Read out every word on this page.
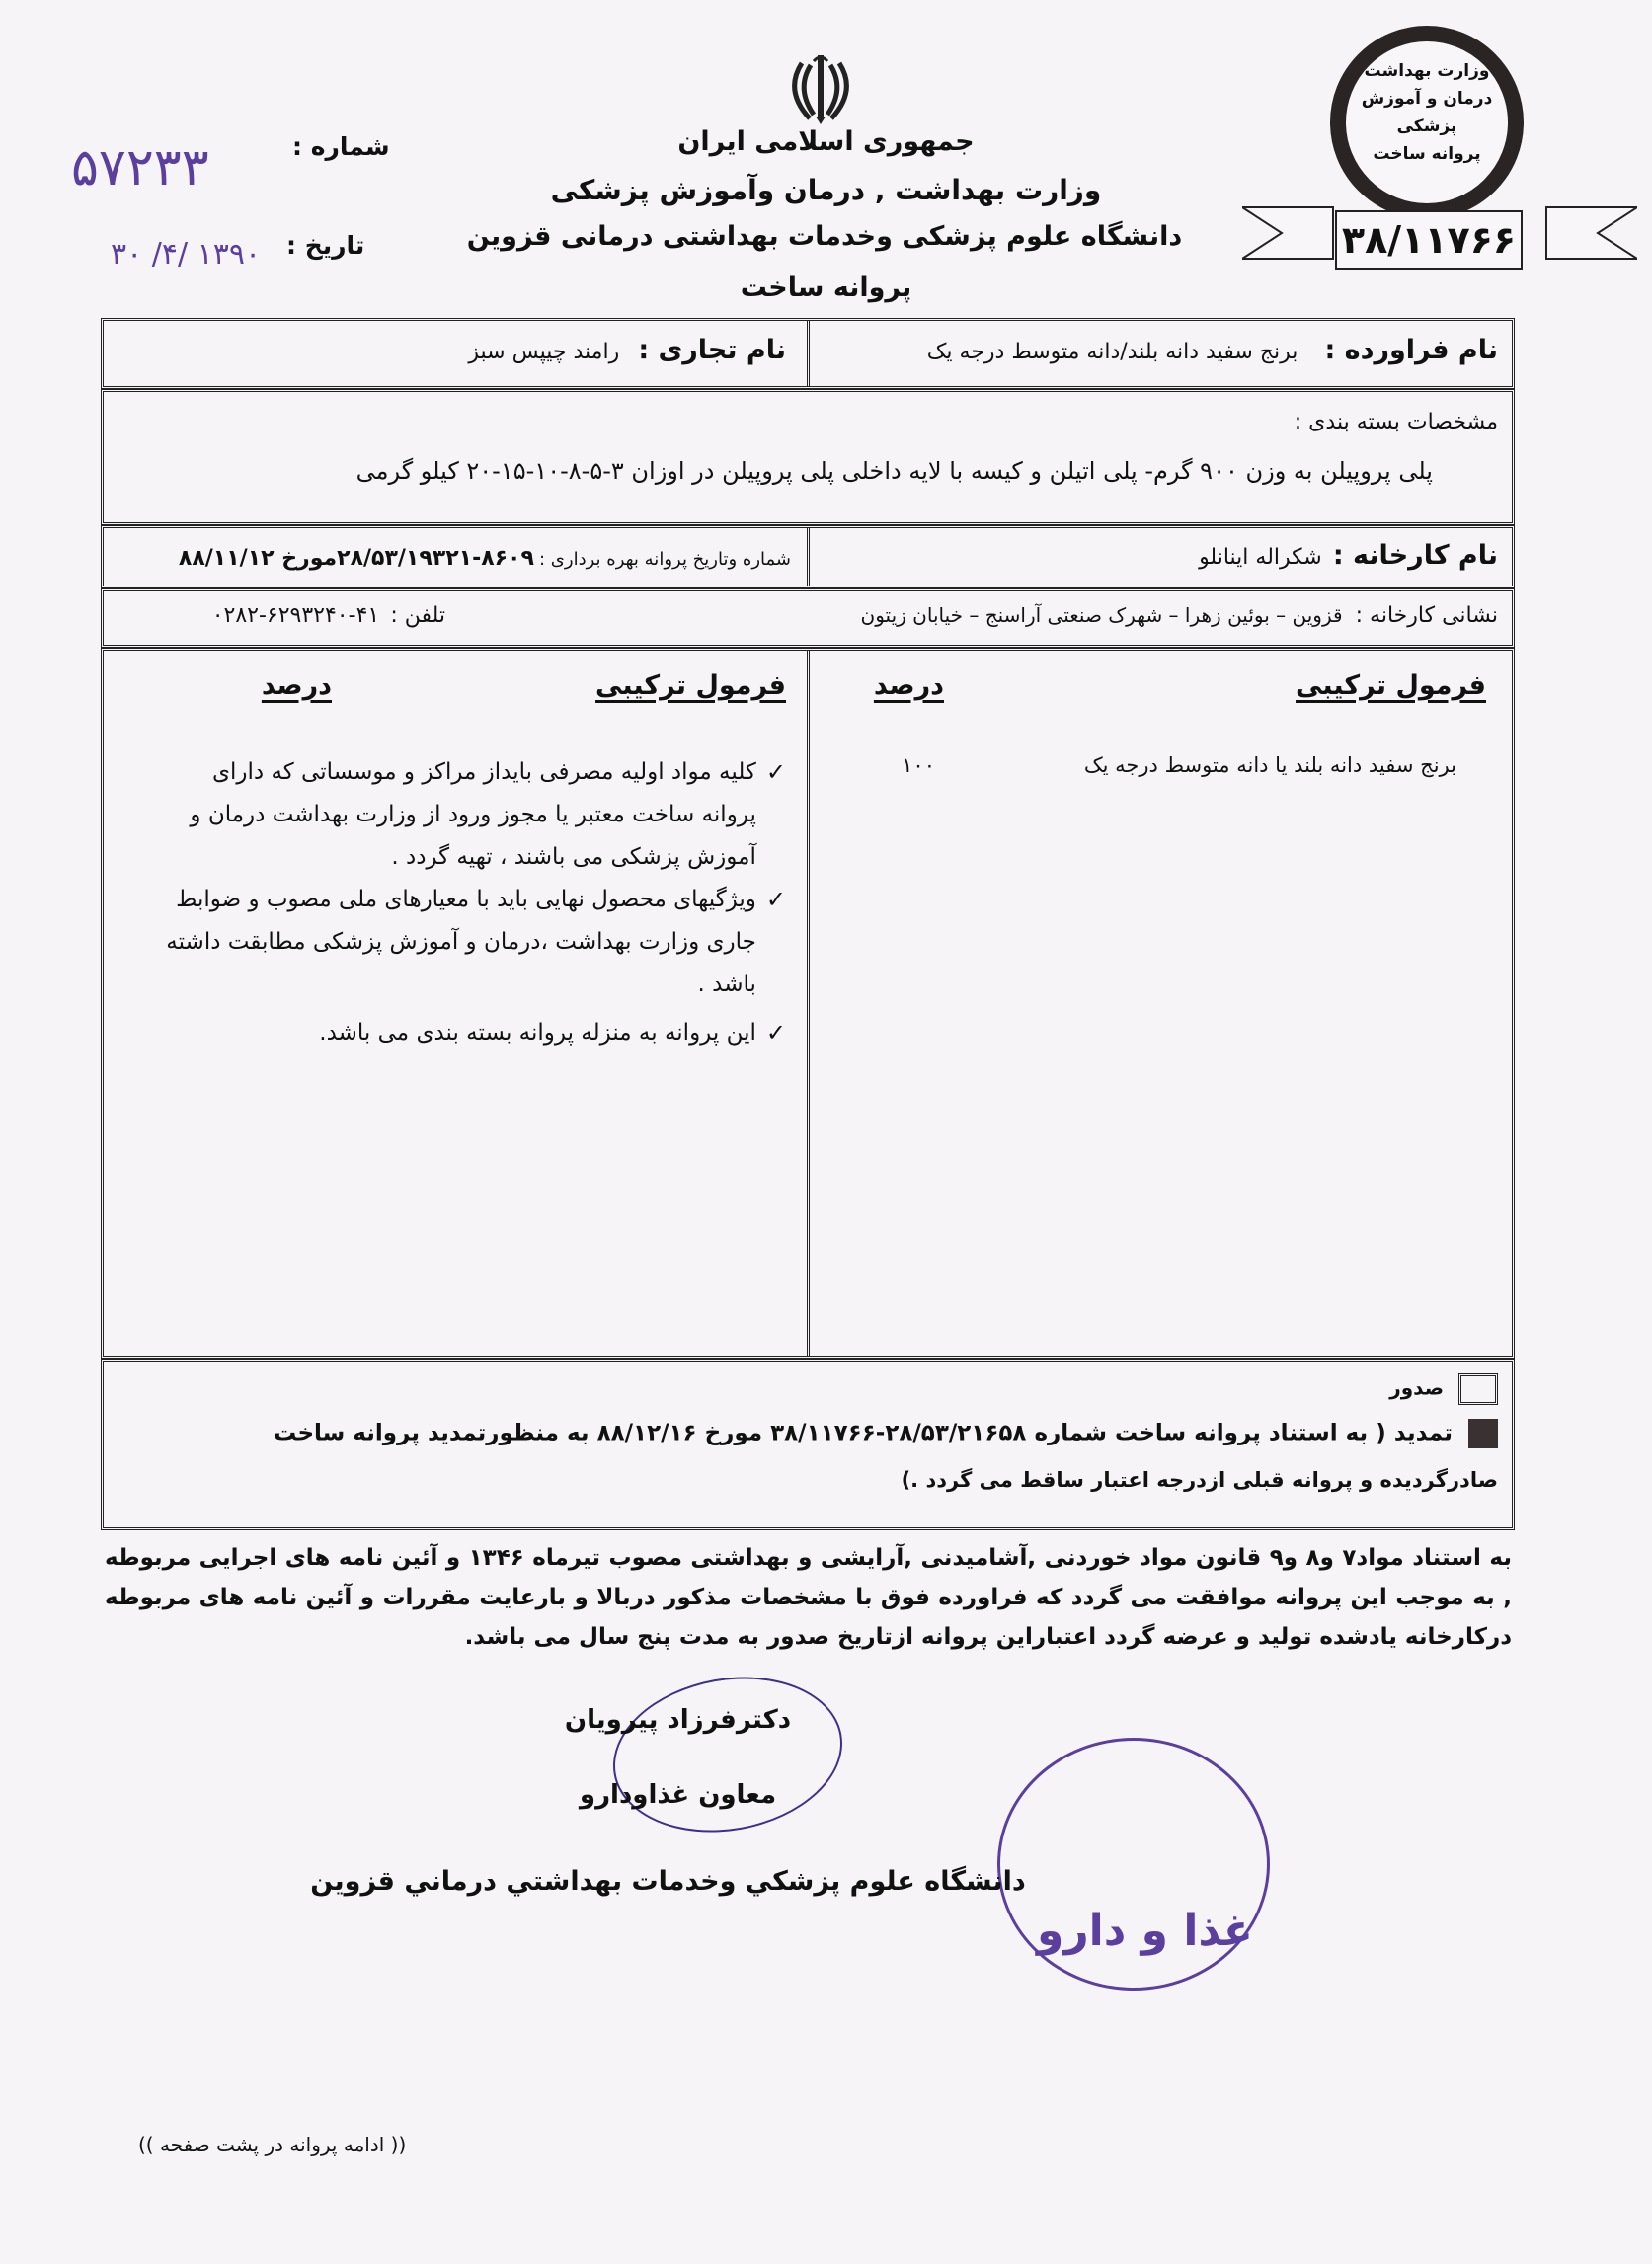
جمهوری اسلامی ایران
وزارت بهداشت , درمان وآموزش پزشکی
دانشگاه علوم پزشکی وخدمات بهداشتی درمانی قزوین
پروانه ساخت
شماره :
تاریخ :
۵۷۲۳۳
۱۳۹۰ /۴/ ۳۰
وزارت بهداشت
درمان و آموزش
پزشکی
پروانه ساخت
۳۸/۱۱۷۶۶
نام فراورده : برنج سفید دانه بلند/دانه متوسط درجه یک
نام تجاری : رامند چیپس سبز
مشخصات بسته بندی :
پلی پروپیلن به وزن ۹۰۰ گرم- پلی اتیلن و کیسه با لایه داخلی پلی پروپیلن در اوزان ۳-۵-۸-۱۰-۱۵-۲۰ کیلو گرمی
نام کارخانه : شکراله اینانلو
شماره وتاریخ پروانه بهره برداری : ۸۶۰۹-۲۸/۵۳/۱۹۳۲۱مورخ ۸۸/۱۱/۱۲
نشانی کارخانه : قزوین – بوئین زهرا – شهرک صنعتی آراسنج – خیابان زیتون
تلفن : ۴۱-۶۲۹۳۲۴۰-۰۲۸۲
فرمول ترکیبی
درصد
فرمول ترکیبی
درصد
برنج سفید دانه بلند یا دانه متوسط درجه یک
۱۰۰
✓
کلیه مواد اولیه مصرفی بایداز مراکز و موسساتی که دارای پروانه ساخت معتبر یا مجوز ورود از وزارت بهداشت درمان و آموزش پزشکی می باشند ، تهیه گردد .
✓
ویژگیهای محصول نهایی باید با معیارهای ملی مصوب و ضوابط جاری وزارت بهداشت ،درمان و آموزش پزشکی مطابقت داشته باشد .
✓
این پروانه به منزله پروانه بسته بندی می باشد.
صدور
تمدید ( به استناد پروانه ساخت شماره ۲۸/۵۳/۲۱۶۵۸-۳۸/۱۱۷۶۶ مورخ ۸۸/۱۲/۱۶ به منظورتمدید پروانه ساخت
صادرگردیده و پروانه قبلی ازدرجه اعتبار ساقط می گردد .)
به استناد مواد۷ و۸ و۹ قانون مواد خوردنی ,آشامیدنی ,آرایشی و بهداشتی مصوب تیرماه ۱۳۴۶ و آئین نامه های اجرایی مربوطه , به موجب این پروانه موافقت می گردد که فراورده فوق با مشخصات مذکور دربالا و بارعایت مقررات و آئین نامه های مربوطه درکارخانه یادشده تولید و عرضه گردد اعتباراین پروانه ازتاریخ صدور به مدت پنج سال می باشد.
غذا و دارو
دکترفرزاد پیرویان
معاون غذاودارو
دانشگاه علوم پزشكي وخدمات بهداشتي درماني قزوين
(( ادامه پروانه در پشت صفحه ))
